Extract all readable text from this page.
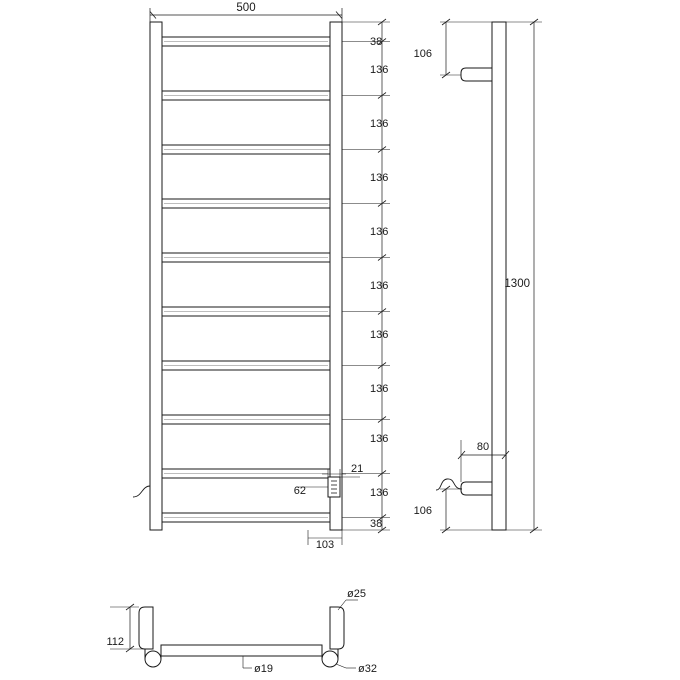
500
38
136
136
136
136
136
136
136
136
136
38
21
62
103
1300
106
106
80
112
ø19
ø25
ø32
